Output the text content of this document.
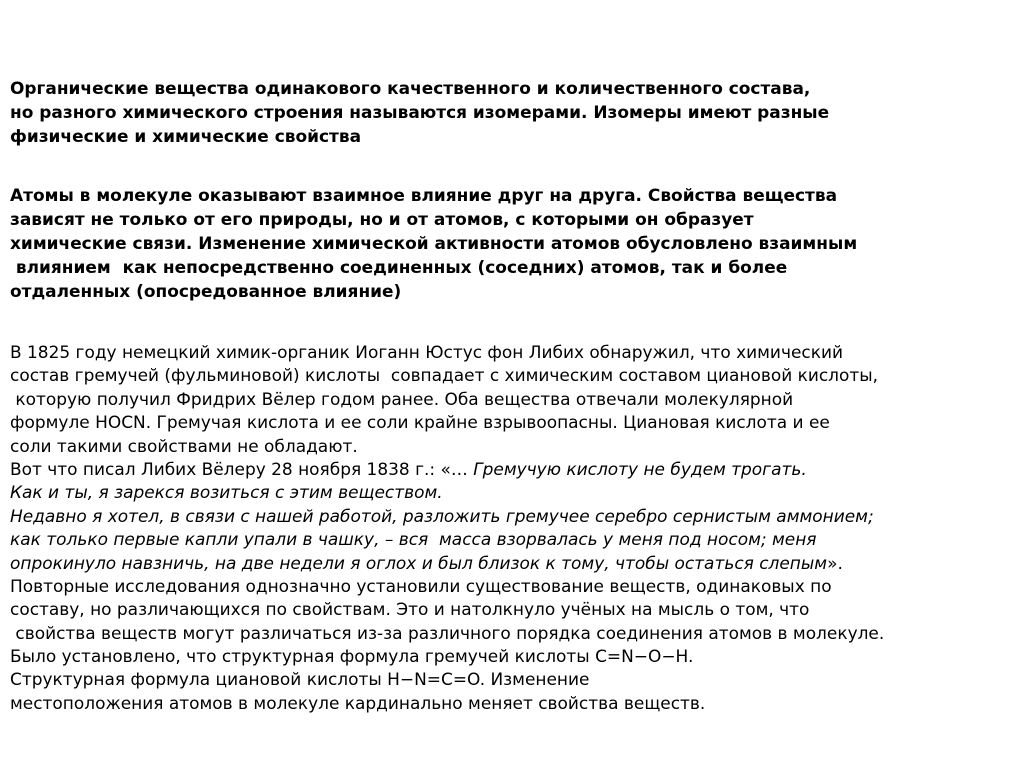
Органические вещества одинакового качественного и количественного состава,
но разного химического строения называются изомерами. Изомеры имеют разные
физические и химические свойства
Атомы в молекуле оказывают взаимное влияние друг на друга. Свойства вещества
зависят не только от его природы, но и от атомов, с которыми он образует
химические связи. Изменение химической активности атомов обусловлено взаимным
влиянием  как непосредственно соединенных (соседних) атомов, так и более
отдаленных (опосредованное влияние)
В 1825 году немецкий химик-органик Иоганн Юстус фон Либих обнаружил, что химический
состав гремучей (фульминовой) кислоты  совпадает с химическим составом циановой кислоты,
которую получил Фридрих Вёлер годом ранее. Оба вещества отвечали молекулярной
формуле HOCN. Гремучая кислота и ее соли крайне взрывоопасны. Циановая кислота и ее
соли такими свойствами не обладают.
Вот что писал Либих Вёлеру 28 ноября 1838 г.: «… Гремучую кислоту не будем трогать.
Как и ты, я зарекся возиться с этим веществом.
Недавно я хотел, в связи с нашей работой, разложить гремучее серебро сернистым аммонием;
как только первые капли упали в чашку, – вся  масса взорвалась у меня под носом; меня
опрокинуло навзничь, на две недели я оглох и был близок к тому, чтобы остаться слепым».
Повторные исследования однозначно установили существование веществ, одинаковых по
составу, но различающихся по свойствам. Это и натолкнуло учёных на мысль о том, что
свойства веществ могут различаться из-за различного порядка соединения атомов в молекуле.
Было установлено, что структурная формула гремучей кислоты C=N−O−H.
Структурная формула циановой кислоты H−N=C=O. Изменение
местоположения атомов в молекуле кардинально меняет свойства веществ.
